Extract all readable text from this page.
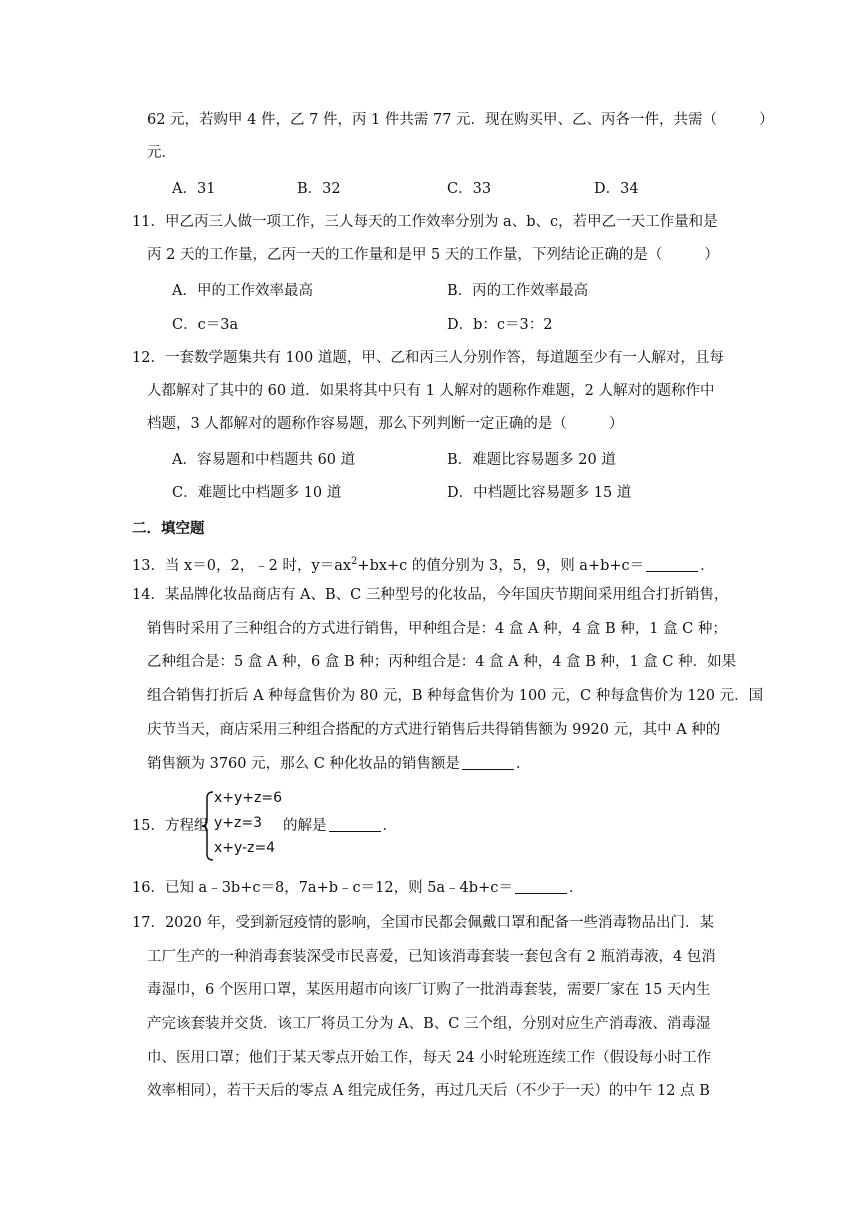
62 元，若购甲 4 件，乙 7 件，丙 1 件共需 77 元．现在购买甲、乙、丙各一件，共需（	）
元．
A．31	B．32	C．33	D．34
11．甲乙丙三人做一项工作，三人每天的工作效率分别为 a、b、c，若甲乙一天工作量和是
丙 2 天的工作量，乙丙一天的工作量和是甲 5 天的工作量，下列结论正确的是（	）
A．甲的工作效率最高	B．丙的工作效率最高
C．c＝3a	D．b：c＝3：2
12．一套数学题集共有 100 道题，甲、乙和丙三人分别作答，每道题至少有一人解对，且每
人都解对了其中的 60 道．如果将其中只有 1 人解对的题称作难题，2 人解对的题称作中
档题，3 人都解对的题称作容易题，那么下列判断一定正确的是（	）
A．容易题和中档题共 60 道	B．难题比容易题多 20 道
C．难题比中档题多 10 道	D．中档题比容易题多 15 道
二．填空题
13．当 x＝0，2，﹣2 时，$y=ax^2+bx+c$ 的值分别为 3，5，9，则 a+b+c＝	．
14．某品牌化妆品商店有 A、B、C 三种型号的化妆品，今年国庆节期间采用组合打折销售，
销售时采用了三种组合的方式进行销售，甲种组合是：4 盒 A 种，4 盒 B 种，1 盒 C 种；
乙种组合是：5 盒 A 种，6 盒 B 种；丙种组合是：4 盒 A 种，4 盒 B 种，1 盒 C 种．如果
组合销售打折后 A 种每盒售价为 80 元，B 种每盒售价为 100 元，C 种每盒售价为 120 元．国
庆节当天，商店采用三种组合搭配的方式进行销售后共得销售额为 9920 元，其中 A 种的
销售额为 3760 元，那么 C 种化妆品的销售额是	．
15．方程组
x+y+z=6
y+z=3
x+y-z=4
的解是	．
16．已知 a﹣3b+c＝8，7a+b﹣c＝12，则 5a﹣4b+c＝	．
17．2020 年，受到新冠疫情的影响，全国市民都会佩戴口罩和配备一些消毒物品出门．某
工厂生产的一种消毒套装深受市民喜爱，已知该消毒套装一套包含有 2 瓶消毒液，4 包消
毒湿巾，6 个医用口罩，某医用超市向该厂订购了一批消毒套装，需要厂家在 15 天内生
产完该套装并交货．该工厂将员工分为 A、B、C 三个组，分别对应生产消毒液、消毒湿
巾、医用口罩；他们于某天零点开始工作，每天 24 小时轮班连续工作（假设每小时工作
效率相同），若干天后的零点 A 组完成任务，再过几天后（不少于一天）的中午 12 点 B
